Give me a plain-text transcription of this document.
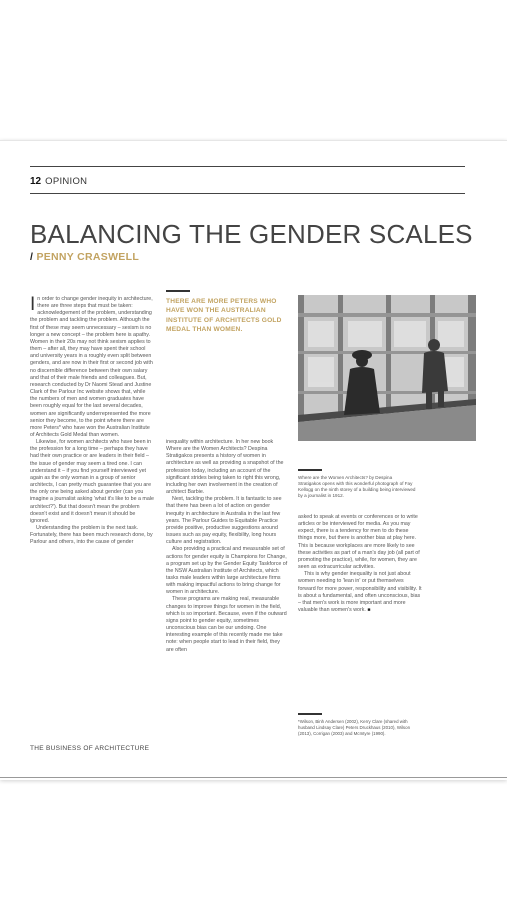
12 OPINION
BALANCING THE GENDER SCALES
/ PENNY CRASWELL

In order to change gender inequity in architecture, there are three steps that must be taken: acknowledgement of the problem, understanding the problem and tackling the problem. Although the first of these may seem unnecessary – sexism is no longer a new concept – the problem here is apathy. Women in their 20s may not think sexism applies to them – after all, they may have spent their school and university years in a roughly even split between genders, and are now in their first or second job with no discernible difference between their own salary and that of their male friends and colleagues. But, research conducted by Dr Naomi Stead and Justine Clark of the Parlour Inc website shows that, while the numbers of men and women graduates have been roughly equal for the last several decades, women are significantly underrepresented the more senior they become, to the point where there are more Peters* who have won the Australian Institute of Architects Gold Medal than women.

Likewise, for women architects who have been in the profession for a long time – perhaps they have had their own practice or are leaders in their field – the issue of gender may seem a tired one. I can understand it – if you find yourself interviewed yet again as the only woman in a group of senior architects, I can pretty much guarantee that you are the only one being asked about gender (can you imagine a journalist asking 'what it's like to be a male architect?'). But that doesn't mean the problem doesn't exist and it doesn't mean it should be ignored.

Understanding the problem is the next task. Fortunately, there has been much research done, by Parlour and others, into the cause of gender

THERE ARE MORE PETERS WHO HAVE WON THE AUSTRALIAN INSTITUTE OF ARCHITECTS GOLD MEDAL THAN WOMEN.

inequality within architecture. In her new book Where are the Women Architects? Despina Stratigakos presents a history of women in architecture as well as providing a snapshot of the profession today, including an account of the significant strides being taken to right this wrong, including her own involvement in the creation of architect Barbie.

Next, tackling the problem. It is fantastic to see that there has been a lot of action on gender inequity in architecture in Australia in the last few years. The Parlour Guides to Equitable Practice provide positive, productive suggestions around issues such as pay equity, flexibility, long hours culture and registration.

Also providing a practical and measurable set of actions for gender equity is Champions for Change, a program set up by the Gender Equity Taskforce of the NSW Australian Institute of Architects, which tasks male leaders within large architecture firms with making impactful actions to bring change for women in architecture.

These programs are making real, measurable changes to improve things for women in the field, which is so important. Because, even if the outward signs point to gender equity, sometimes unconscious bias can be our undoing. One interesting example of this recently made me take note: when people start to lead in their field, they are often

Where are the Women Architects? by Despina Stratigakos opens with this wonderful photograph of Fay Kellogg on the ninth storey of a building being interviewed by a journalist in 1912.

asked to speak at events or conferences or to write articles or be interviewed for media. As you may expect, there is a tendency for men to do these things more, but there is another bias at play here. This is because workplaces are more likely to see these activities as part of a man's day job (all part of promoting the practice), while, for women, they are seen as extracurricular activities.

This is why gender inequality is not just about women needing to 'lean in' or put themselves forward for more power, responsibility and visibility. It is about a fundamental, and often unconscious, bias – that men's work is more important and more valuable than women's work. ■

*Wilson, Binh Andersen (2002), Kerry Clare (shared with husband Lindsay Clare) Peters Druckhaus (2010), Wilson (2013), Corrigan (2003) and McIntyre (1990).
THE BUSINESS OF ARCHITECTURE
